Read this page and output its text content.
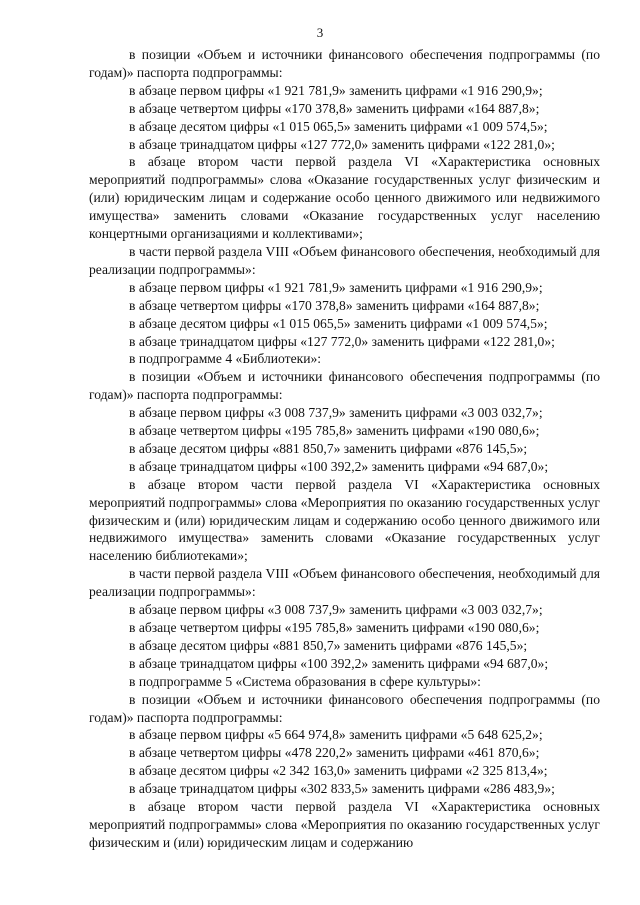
3

в позиции «Объем и источники финансового обеспечения подпрограммы (по годам)» паспорта подпрограммы:

в абзаце первом цифры «1 921 781,9» заменить цифрами «1 916 290,9»;

в абзаце четвертом цифры «170 378,8» заменить цифрами «164 887,8»;

в абзаце десятом цифры «1 015 065,5» заменить цифрами «1 009 574,5»;

в абзаце тринадцатом цифры «127 772,0» заменить цифрами «122 281,0»;

в абзаце втором части первой раздела VI «Характеристика основных мероприятий подпрограммы» слова «Оказание государственных услуг физическим и (или) юридическим лицам и содержание особо ценного движимого или недвижимого имущества» заменить словами «Оказание государственных услуг населению концертными организациями и коллективами»;

в части первой раздела VIII «Объем финансового обеспечения, необходимый для реализации подпрограммы»:

в абзаце первом цифры «1 921 781,9» заменить цифрами «1 916 290,9»;

в абзаце четвертом цифры «170 378,8» заменить цифрами «164 887,8»;

в абзаце десятом цифры «1 015 065,5» заменить цифрами «1 009 574,5»;

в абзаце тринадцатом цифры «127 772,0» заменить цифрами «122 281,0»;

в подпрограмме 4 «Библиотеки»:

в позиции «Объем и источники финансового обеспечения подпрограммы (по годам)» паспорта подпрограммы:

в абзаце первом цифры «3 008 737,9» заменить цифрами «3 003 032,7»;

в абзаце четвертом цифры «195 785,8» заменить цифрами «190 080,6»;

в абзаце десятом цифры «881 850,7» заменить цифрами «876 145,5»;

в абзаце тринадцатом цифры «100 392,2» заменить цифрами «94 687,0»;

в абзаце втором части первой раздела VI «Характеристика основных мероприятий подпрограммы» слова «Мероприятия по оказанию государственных услуг физическим и (или) юридическим лицам и содержанию особо ценного движимого или недвижимого имущества» заменить словами «Оказание государственных услуг населению библиотеками»;

в части первой раздела VIII «Объем финансового обеспечения, необходимый для реализации подпрограммы»:

в абзаце первом цифры «3 008 737,9» заменить цифрами «3 003 032,7»;

в абзаце четвертом цифры «195 785,8» заменить цифрами «190 080,6»;

в абзаце десятом цифры «881 850,7» заменить цифрами «876 145,5»;

в абзаце тринадцатом цифры «100 392,2» заменить цифрами «94 687,0»;

в подпрограмме 5 «Система образования в сфере культуры»:

в позиции «Объем и источники финансового обеспечения подпрограммы (по годам)» паспорта подпрограммы:

в абзаце первом цифры «5 664 974,8» заменить цифрами «5 648 625,2»;

в абзаце четвертом цифры «478 220,2» заменить цифрами «461 870,6»;

в абзаце десятом цифры «2 342 163,0» заменить цифрами «2 325 813,4»;

в абзаце тринадцатом цифры «302 833,5» заменить цифрами «286 483,9»;

в абзаце втором части первой раздела VI «Характеристика основных мероприятий подпрограммы» слова «Мероприятия по оказанию государственных услуг физическим и (или) юридическим лицам и содержанию
